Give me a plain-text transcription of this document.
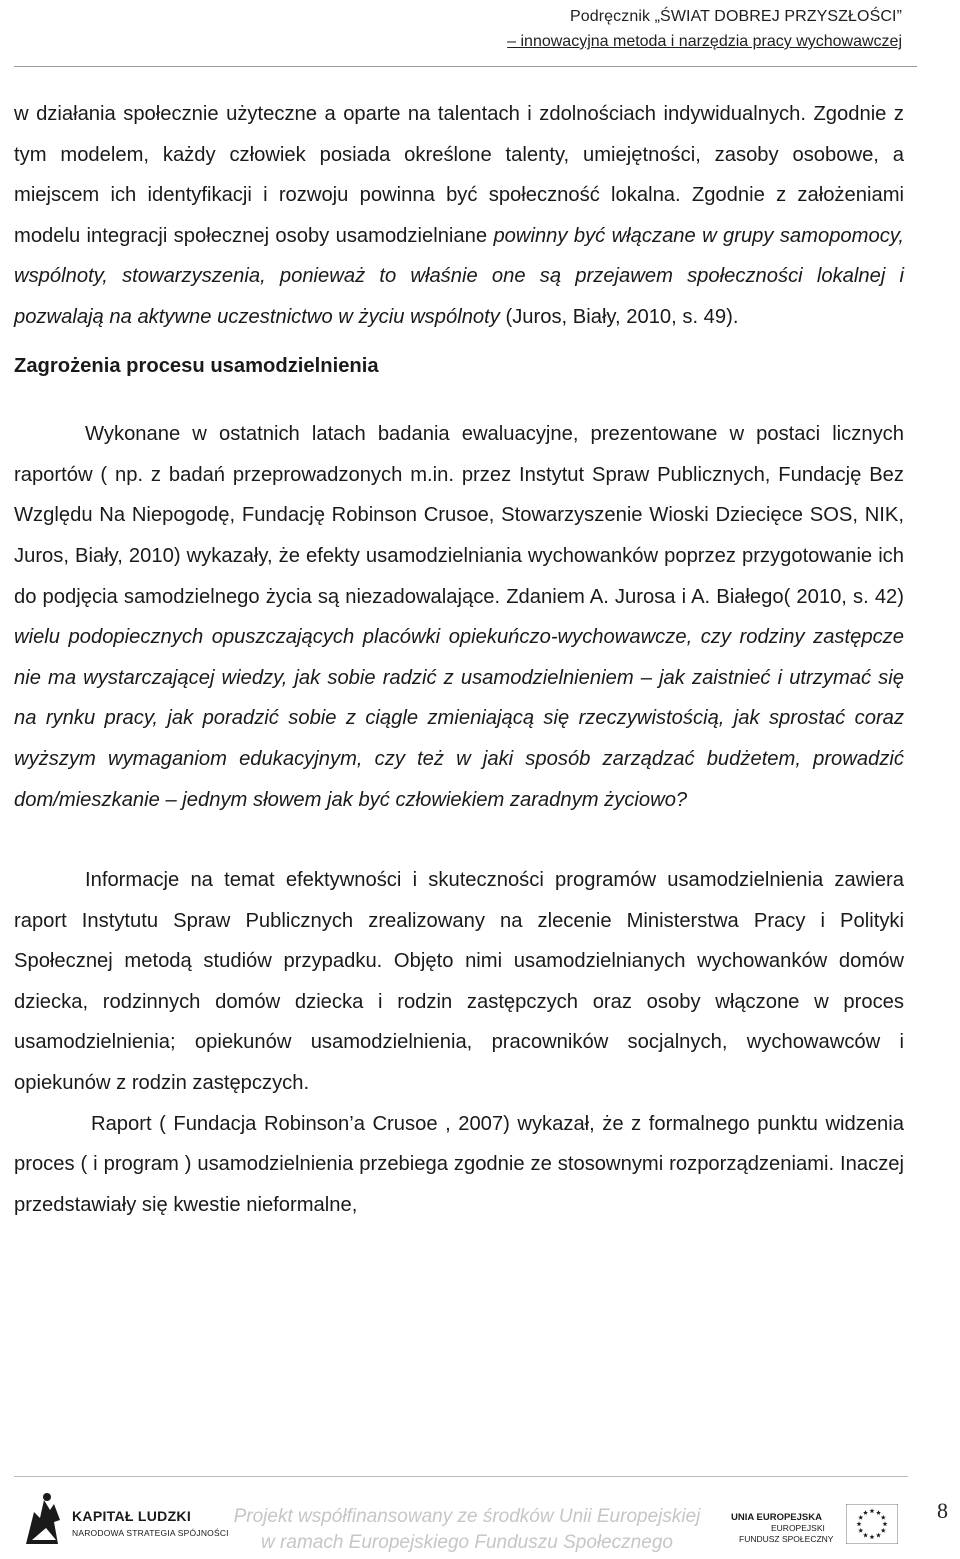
Podręcznik „ŚWIAT DOBREJ PRZYSZŁOŚCI”
– innowacyjna metoda i narzędzia pracy wychowawczej

w działania społecznie użyteczne a oparte na talentach i zdolnościach indywidualnych. Zgodnie z tym modelem, każdy człowiek posiada określone talenty, umiejętności, zasoby osobowe, a miejscem ich identyfikacji i rozwoju powinna być społeczność lokalna. Zgodnie z założeniami modelu integracji społecznej osoby usamodzielniane powinny być włączane w grupy samopomocy, wspólnoty, stowarzyszenia, ponieważ to właśnie one są przejawem społeczności lokalnej i pozwalają na aktywne uczestnictwo w życiu wspólnoty (Juros, Biały, 2010, s. 49).

Zagrożenia procesu usamodzielnienia

Wykonane w ostatnich latach badania ewaluacyjne, prezentowane w postaci licznych raportów ( np. z badań przeprowadzonych m.in. przez Instytut Spraw Publicznych, Fundację Bez Względu Na Niepogodę, Fundację Robinson Crusoe, Stowarzyszenie Wioski Dziecięce SOS, NIK, Juros, Biały, 2010) wykazały, że efekty usamodzielniania wychowanków poprzez przygotowanie ich do podjęcia samodzielnego życia są niezadowalające. Zdaniem A. Jurosa i A. Białego( 2010, s. 42) wielu podopiecznych opuszczających placówki opiekuńczo-wychowawcze, czy rodziny zastępcze nie ma wystarczającej wiedzy, jak sobie radzić z usamodzielnieniem – jak zaistnieć i utrzymać się na rynku pracy, jak poradzić sobie z ciągle zmieniającą się rzeczywistością, jak sprostać coraz wyższym wymaganiom edukacyjnym, czy też w jaki sposób zarządzać budżetem, prowadzić dom/mieszkanie – jednym słowem jak być człowiekiem zaradnym życiowo?

Informacje na temat efektywności i skuteczności programów usamodzielnienia zawiera raport Instytutu Spraw Publicznych zrealizowany na zlecenie Ministerstwa Pracy i Polityki Społecznej metodą studiów przypadku. Objęto nimi usamodzielnianych wychowanków domów dziecka, rodzinnych domów dziecka i rodzin zastępczych oraz osoby włączone w proces usamodzielnienia; opiekunów usamodzielnienia, pracowników socjalnych, wychowawców i opiekunów z rodzin zastępczych.

Raport ( Fundacja Robinson’a Crusoe , 2007) wykazał, że z formalnego punktu widzenia proces ( i program ) usamodzielnienia przebiega zgodnie ze stosownymi rozporządzeniami. Inaczej przedstawiały się kwestie nieformalne,

KAPITAŁ LUDZKI
NARODOWA STRATEGIA SPÓJNOŚCI
Projekt współfinansowany ze środków Unii Europejskiej
w ramach Europejskiego Funduszu Społecznego
UNIA EUROPEJSKA
EUROPEJSKI
FUNDUSZ SPOŁECZNY
8
